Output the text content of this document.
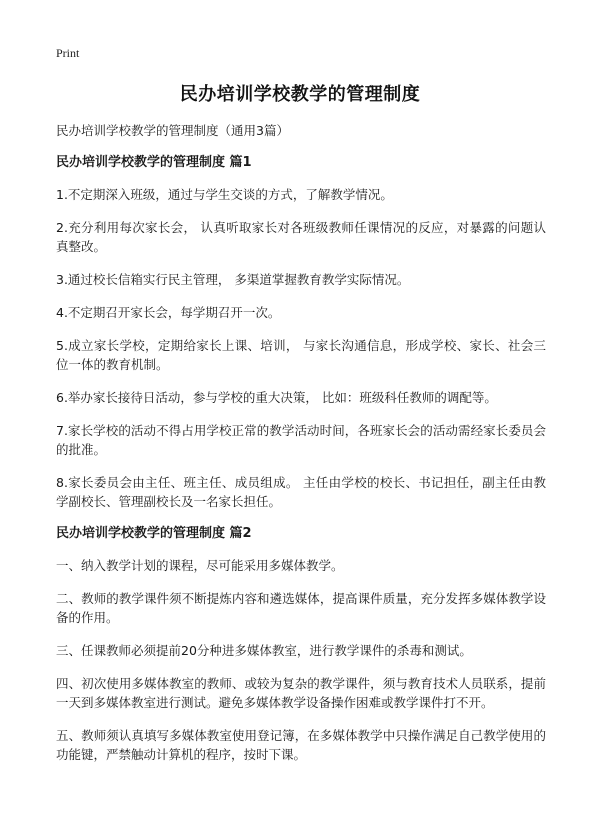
Print
民办培训学校教学的管理制度

民办培训学校教学的管理制度（通用3篇）

民办培训学校教学的管理制度 篇1

1.不定期深入班级，通过与学生交谈的方式，了解教学情况。

2.充分利用每次家长会， 认真听取家长对各班级教师任课情况的反应，对暴露的问题认真整改。

3.通过校长信箱实行民主管理， 多渠道掌握教育教学实际情况。

4.不定期召开家长会，每学期召开一次。

5.成立家长学校，定期给家长上课、培训， 与家长沟通信息，形成学校、家长、社会三位一体的教育机制。

6.举办家长接待日活动，参与学校的重大决策， 比如：班级科任教师的调配等。

7.家长学校的活动不得占用学校正常的教学活动时间，各班家长会的活动需经家长委员会的批准。

8.家长委员会由主任、班主任、成员组成。 主任由学校的校长、书记担任，副主任由教学副校长、管理副校长及一名家长担任。

民办培训学校教学的管理制度 篇2

一、纳入教学计划的课程，尽可能采用多媒体教学。

二、教师的教学课件须不断提炼内容和遴选媒体，提高课件质量，充分发挥多媒体教学设备的作用。

三、任课教师必须提前20分种进多媒体教室，进行教学课件的杀毒和测试。

四、初次使用多媒体教室的教师、或较为复杂的教学课件，须与教育技术人员联系，提前一天到多媒体教室进行测试。避免多媒体教学设备操作困难或教学课件打不开。

五、教师须认真填写多媒体教室使用登记簿，在多媒体教学中只操作满足自己教学使用的功能键，严禁触动计算机的程序，按时下课。
